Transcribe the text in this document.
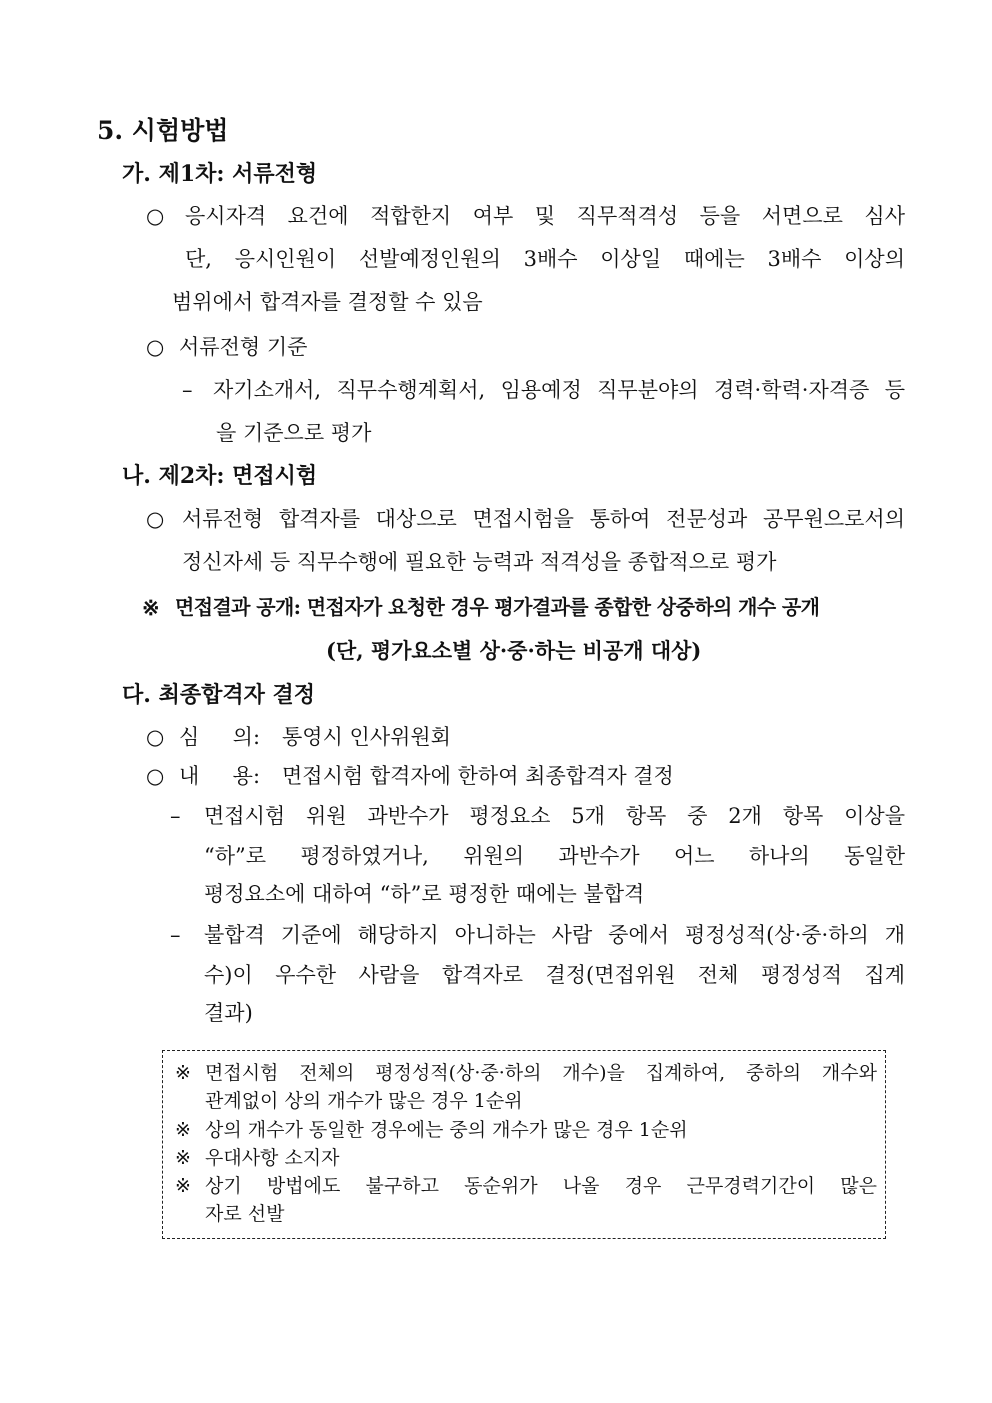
5. 시험방법
가. 제1차: 서류전형
○ 응시자격 요건에 적합한지 여부 및 직무적격성 등을 서면으로 심사
단, 응시인원이 선발예정인원의 3배수 이상일 때에는 3배수 이상의
범위에서 합격자를 결정할 수 있음
○ 서류전형 기준
– 자기소개서, 직무수행계획서, 임용예정 직무분야의 경력·학력·자격증 등
을 기준으로 평가
나. 제2차: 면접시험
○ 서류전형 합격자를 대상으로 면접시험을 통하여 전문성과 공무원으로서의
정신자세 등 직무수행에 필요한 능력과 적격성을 종합적으로 평가
※ 면접결과 공개: 면접자가 요청한 경우 평가결과를 종합한 상중하의 개수 공개
(단, 평가요소별 상·중·하는 비공개 대상)
다. 최종합격자 결정
○ 심     의: 통영시 인사위원회
○ 내     용: 면접시험 합격자에 한하여 최종합격자 결정
– 면접시험 위원 과반수가 평정요소 5개 항목 중 2개 항목 이상을
“하”로 평정하였거나, 위원의 과반수가 어느 하나의 동일한
평정요소에 대하여 “하”로 평정한 때에는 불합격
– 불합격 기준에 해당하지 아니하는 사람 중에서 평정성적(상·중·하의 개
수)이 우수한 사람을 합격자로 결정(면접위원 전체 평정성적 집계
결과)
※ 면접시험 전체의 평정성적(상·중·하의 개수)을 집계하여, 중하의 개수와
관계없이 상의 개수가 많은 경우 1순위
※ 상의 개수가 동일한 경우에는 중의 개수가 많은 경우 1순위
※ 우대사항 소지자
※ 상기 방법에도 불구하고 동순위가 나올 경우 근무경력기간이 많은
자로 선발
